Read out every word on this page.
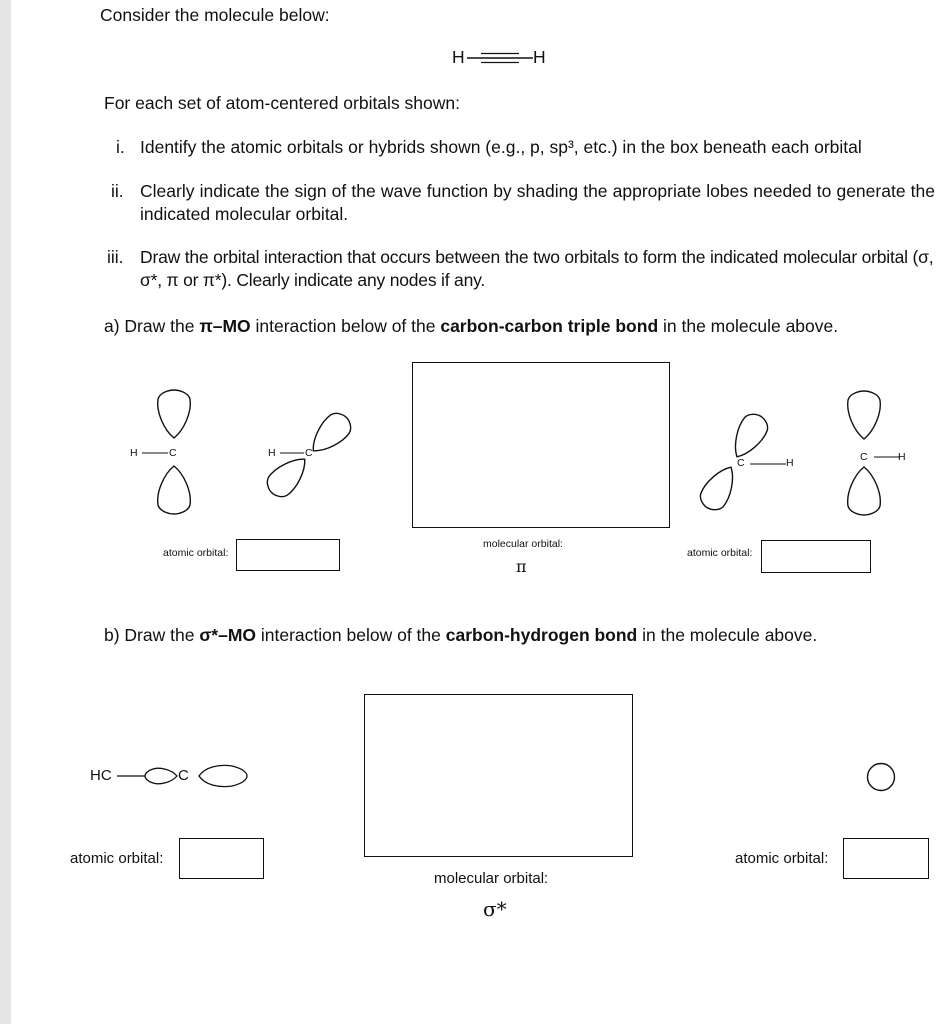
Consider the molecule below:
H	H
For each set of atom-centered orbitals shown:
i. Identify the atomic orbitals or hybrids shown (e.g., p, sp³, etc.) in the box beneath each orbital
ii. Clearly indicate the sign of the wave function by shading the appropriate lobes needed to generate the indicated molecular orbital.
iii. Draw the orbital interaction that occurs between the two orbitals to form the indicated molecular orbital (σ, σ*, π or π*). Clearly indicate any nodes if any.
a) Draw the π–MO interaction below of the carbon-carbon triple bond in the molecule above.
H	C	H	C
molecular orbital:
π
atomic orbital:
C	H	C	H
atomic orbital:
b) Draw the σ*–MO interaction below of the carbon-hydrogen bond in the molecule above.
molecular orbital:
σ*
HC	C
atomic orbital:	atomic orbital:
